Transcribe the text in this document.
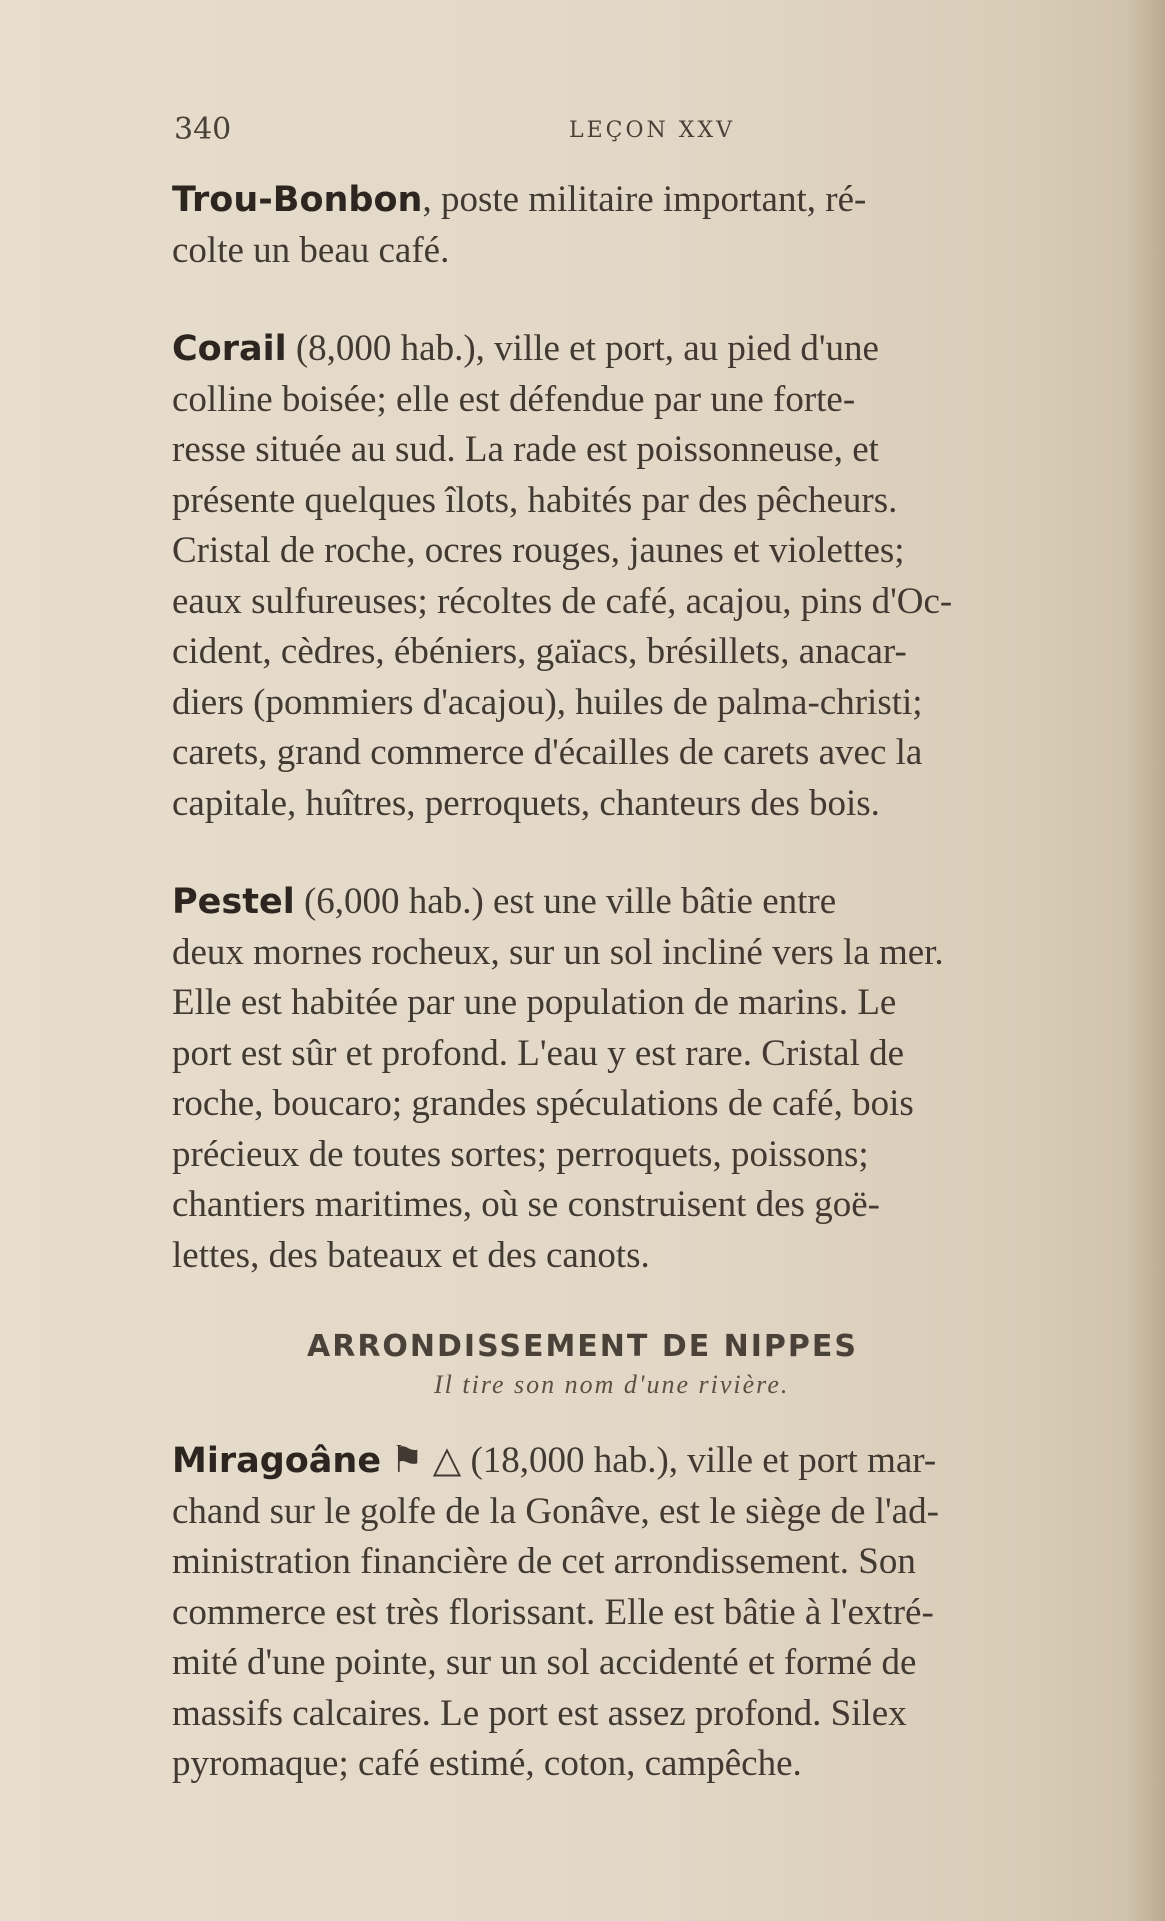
340	LEÇON XXV

Trou-Bonbon, poste militaire important, ré-
colte un beau café.

Corail (8,000 hab.), ville et port, au pied d'une
colline boisée; elle est défendue par une forte-
resse située au sud. La rade est poissonneuse, et
présente quelques îlots, habités par des pêcheurs.
Cristal de roche, ocres rouges, jaunes et violettes;
eaux sulfureuses; récoltes de café, acajou, pins d'Oc-
cident, cèdres, ébéniers, gaïacs, brésillets, anacar-
diers (pommiers d'acajou), huiles de palma-christi;
carets, grand commerce d'écailles de carets avec la
capitale, huîtres, perroquets, chanteurs des bois.

Pestel (6,000 hab.) est une ville bâtie entre
deux mornes rocheux, sur un sol incliné vers la mer.
Elle est habitée par une population de marins. Le
port est sûr et profond. L'eau y est rare. Cristal de
roche, boucaro; grandes spéculations de café, bois
précieux de toutes sortes; perroquets, poissons;
chantiers maritimes, où se construisent des goë-
lettes, des bateaux et des canots.

ARRONDISSEMENT DE NIPPES
Il tire son nom d'une rivière.

Miragoâne ⚑ △ (18,000 hab.), ville et port mar-
chand sur le golfe de la Gonâve, est le siège de l'ad-
ministration financière de cet arrondissement. Son
commerce est très florissant. Elle est bâtie à l'extré-
mité d'une pointe, sur un sol accidenté et formé de
massifs calcaires. Le port est assez profond. Silex
pyromaque; café estimé, coton, campêche.
